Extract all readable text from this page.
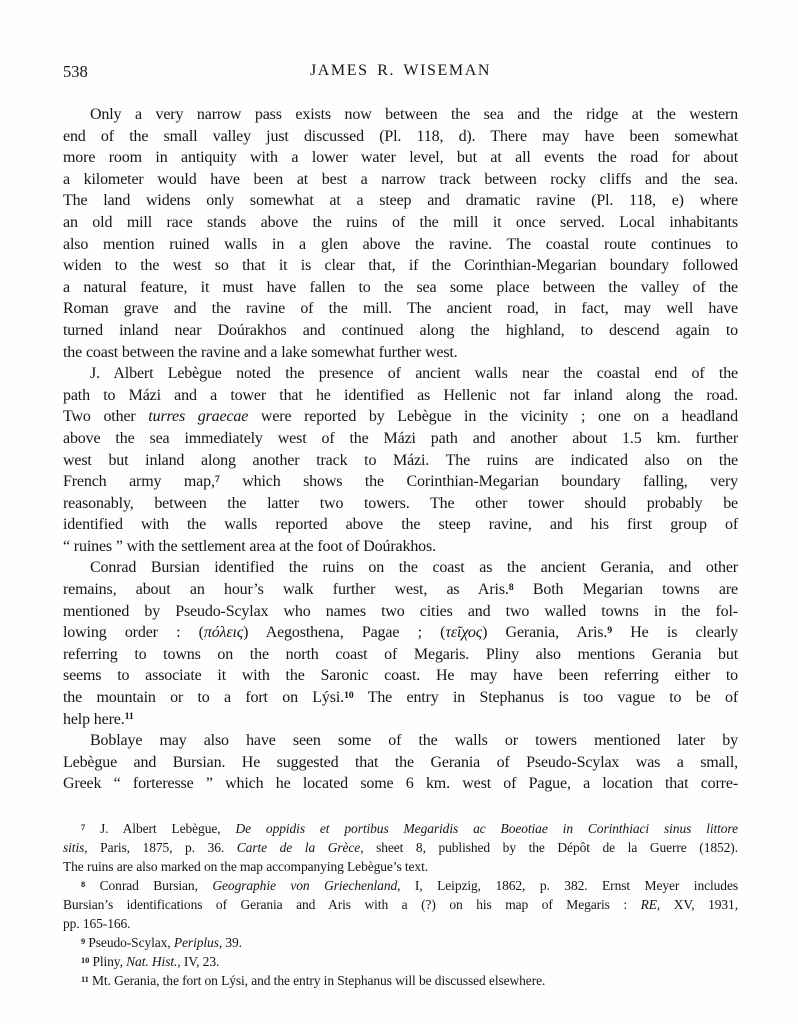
538	JAMES R. WISEMAN
Only a very narrow pass exists now between the sea and the ridge at the western
end of the small valley just discussed (Pl. 118, d). There may have been somewhat
more room in antiquity with a lower water level, but at all events the road for about
a kilometer would have been at best a narrow track between rocky cliffs and the sea.
The land widens only somewhat at a steep and dramatic ravine (Pl. 118, e) where
an old mill race stands above the ruins of the mill it once served. Local inhabitants
also mention ruined walls in a glen above the ravine. The coastal route continues to
widen to the west so that it is clear that, if the Corinthian-Megarian boundary followed
a natural feature, it must have fallen to the sea some place between the valley of the
Roman grave and the ravine of the mill. The ancient road, in fact, may well have
turned inland near Doúrakhos and continued along the highland, to descend again to
the coast between the ravine and a lake somewhat further west.
J. Albert Lebègue noted the presence of ancient walls near the coastal end of the
path to Mázi and a tower that he identified as Hellenic not far inland along the road.
Two other turres graecae were reported by Lebègue in the vicinity ; one on a headland
above the sea immediately west of the Mázi path and another about 1.5 km. further
west but inland along another track to Mázi. The ruins are indicated also on the
French army map,$^7$ which shows the Corinthian-Megarian boundary falling, very
reasonably, between the latter two towers. The other tower should probably be
identified with the walls reported above the steep ravine, and his first group of
“ ruines ” with the settlement area at the foot of Doúrakhos.
Conrad Bursian identified the ruins on the coast as the ancient Gerania, and other
remains, about an hour’s walk further west, as Aris.$^8$ Both Megarian towns are
mentioned by Pseudo-Scylax who names two cities and two walled towns in the fol-
lowing order : (πόλεις) Aegosthena, Pagae ; (τεῖχος) Gerania, Aris.$^9$ He is clearly
referring to towns on the north coast of Megaris. Pliny also mentions Gerania but
seems to associate it with the Saronic coast. He may have been referring either to
the mountain or to a fort on Lýsi.$^{10}$ The entry in Stephanus is too vague to be of
help here.$^{11}$
Boblaye may also have seen some of the walls or towers mentioned later by
Lebègue and Bursian. He suggested that the Gerania of Pseudo-Scylax was a small,
Greek “ forteresse ” which he located some 6 km. west of Pague, a location that corre-
$^7$ J. Albert Lebègue, De oppidis et portibus Megaridis ac Boeotiae in Corinthiaci sinus littore
sitis, Paris, 1875, p. 36. Carte de la Grèce, sheet 8, published by the Dépôt de la Guerre (1852).
The ruins are also marked on the map accompanying Lebègue’s text.
$^8$ Conrad Bursian, Geographie von Griechenland, I, Leipzig, 1862, p. 382. Ernst Meyer includes
Bursian’s identifications of Gerania and Aris with a (?) on his map of Megaris : RE, XV, 1931,
pp. 165-166.
$^9$ Pseudo-Scylax, Periplus, 39.
$^{10}$ Pliny, Nat. Hist., IV, 23.
$^{11}$ Mt. Gerania, the fort on Lýsi, and the entry in Stephanus will be discussed elsewhere.
